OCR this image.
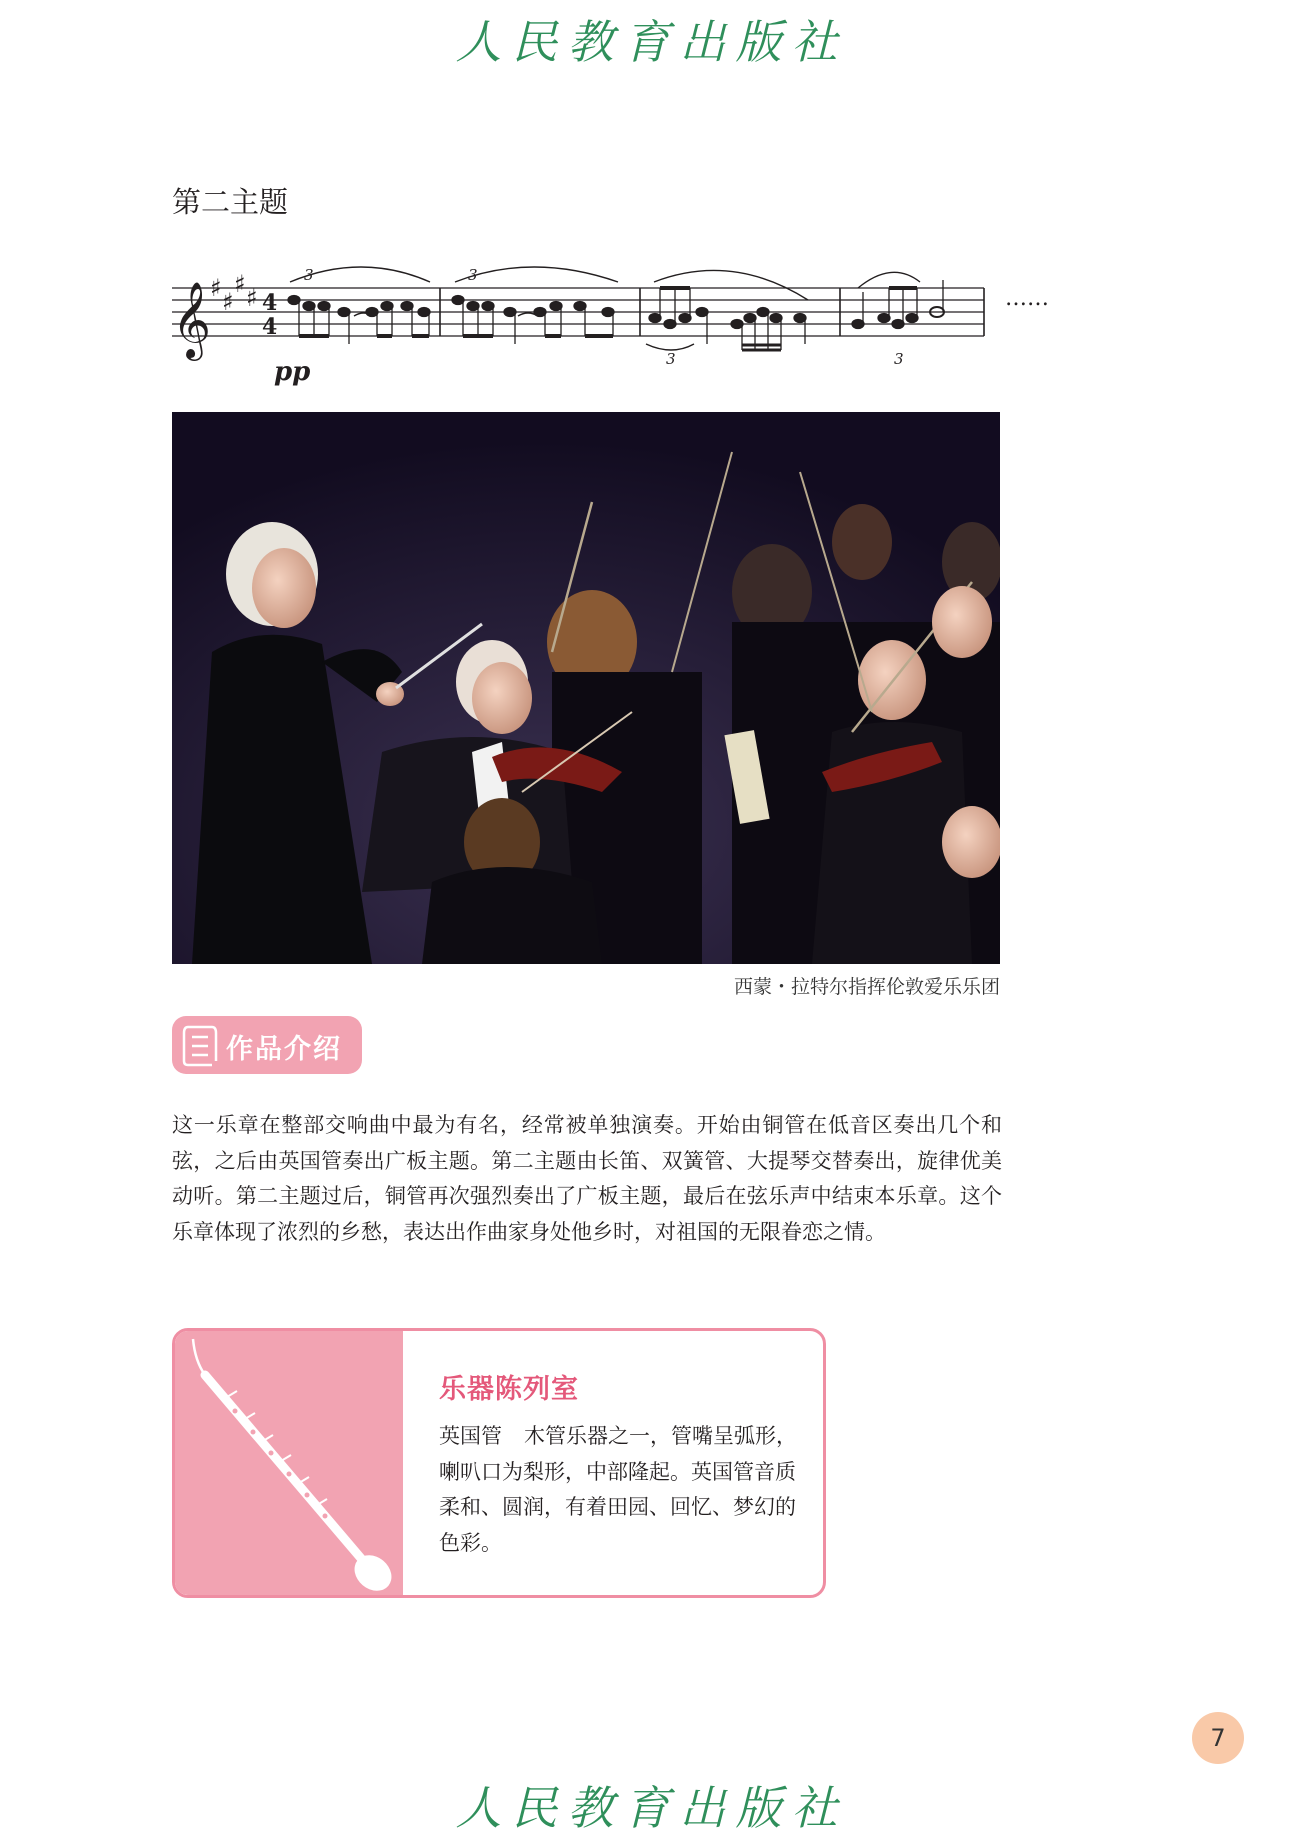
人民教育出版社
第二主题
𝄞
♯ ♯
♯ ♯ 4
4
3	3
3	3
pp
……
西蒙・拉特尔指挥伦敦爱乐乐团
作品介绍
这一乐章在整部交响曲中最为有名，经常被单独演奏。开始由铜管在低音区奏出几个和弦，之后由英国管奏出广板主题。第二主题由长笛、双簧管、大提琴交替奏出，旋律优美动听。第二主题过后，铜管再次强烈奏出了广板主题，最后在弦乐声中结束本乐章。这个乐章体现了浓烈的乡愁，表达出作曲家身处他乡时，对祖国的无限眷恋之情。
乐器陈列室
英国管 木管乐器之一，管嘴呈弧形，喇叭口为梨形，中部隆起。英国管音质柔和、圆润，有着田园、回忆、梦幻的色彩。
7
人民教育出版社
